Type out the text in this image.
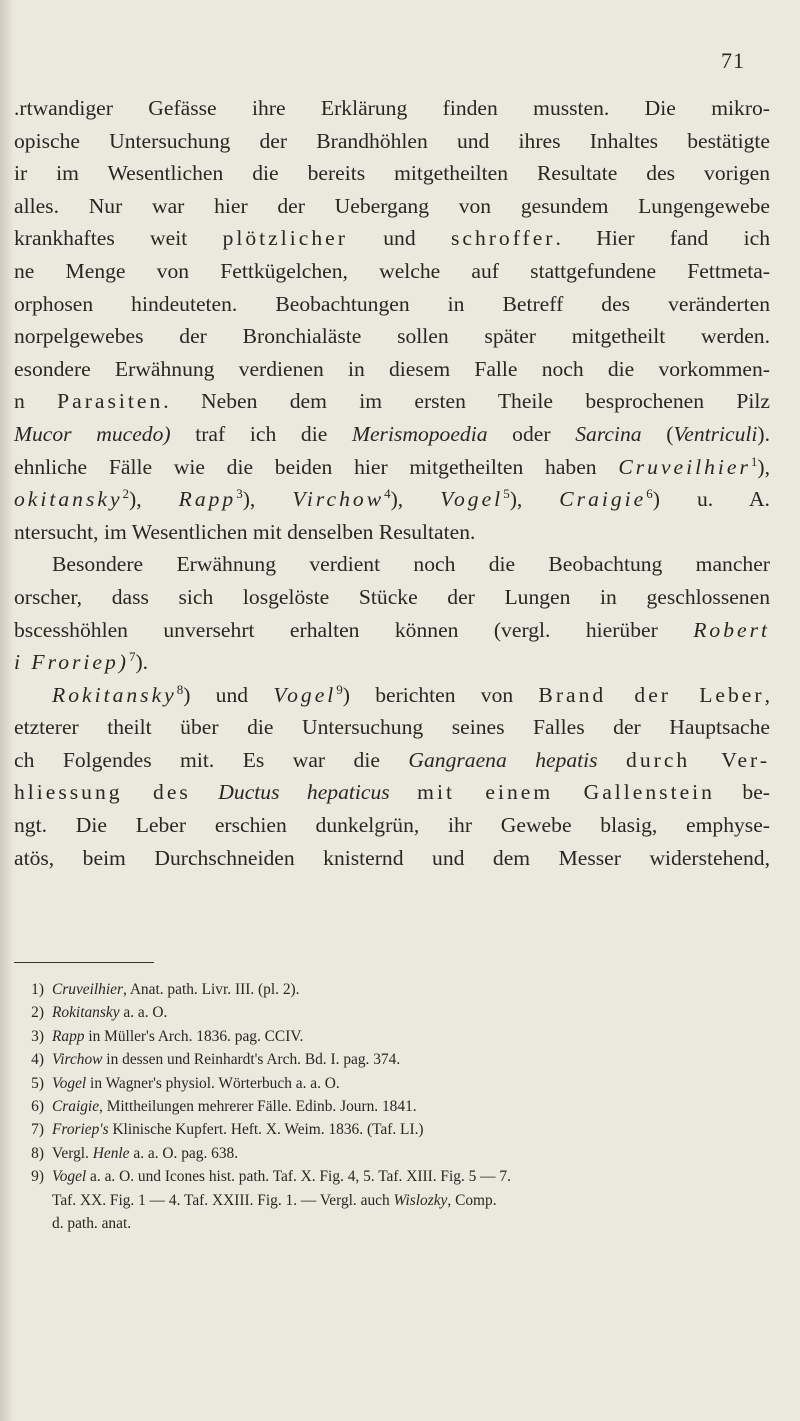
71
.rtwandiger Gefässe ihre Erklärung finden mussten. Die mikro-
opische Untersuchung der Brandhöhlen und ihres Inhaltes bestätigte
ir im Wesentlichen die bereits mitgetheilten Resultate des vorigen
alles. Nur war hier der Uebergang von gesundem Lungengewebe
krankhaftes weit plötzlicher und schroffer. Hier fand ich
ne Menge von Fettkügelchen, welche auf stattgefundene Fettmeta-
orphosen hindeuteten. Beobachtungen in Betreff des veränderten
norpelgewebes der Bronchialäste sollen später mitgetheilt werden.
esondere Erwähnung verdienen in diesem Falle noch die vorkommen-
n Parasiten. Neben dem im ersten Theile besprochenen Pilz
Mucor mucedo) traf ich die Merismopoedia oder Sarcina (Ventriculi).
ehnliche Fälle wie die beiden hier mitgetheilten haben Cruveilhier$^1$),
okitansky$^2$), Rapp$^3$), Virchow$^4$), Vogel$^5$), Craigie$^6$) u. A.
ntersucht, im Wesentlichen mit denselben Resultaten.
Besondere Erwähnung verdient noch die Beobachtung mancher
orscher, dass sich losgelöste Stücke der Lungen in geschlossenen
bscesshöhlen unversehrt erhalten können (vergl. hierüber Robert
i Froriep)$^7$).
Rokitansky$^8$) und Vogel$^9$) berichten von Brand der Leber,
etzterer theilt über die Untersuchung seines Falles der Hauptsache
ch Folgendes mit. Es war die Gangraena hepatis durch Ver-
hliessung des Ductus hepaticus mit einem Gallenstein be-
ngt. Die Leber erschien dunkelgrün, ihr Gewebe blasig, emphyse-
atös, beim Durchschneiden knisternd und dem Messer widerstehend,
1) Cruveilhier, Anat. path. Livr. III. (pl. 2).
2) Rokitansky a. a. O.
3) Rapp in Müller's Arch. 1836. pag. CCIV.
4) Virchow in dessen und Reinhardt's Arch. Bd. I. pag. 374.
5) Vogel in Wagner's physiol. Wörterbuch a. a. O.
6) Craigie, Mittheilungen mehrerer Fälle. Edinb. Journ. 1841.
7) Froriep's Klinische Kupfert. Heft. X. Weim. 1836. (Taf. LI.)
8) Vergl. Henle a. a. O. pag. 638.
9) Vogel a. a. O. und Icones hist. path. Taf. X. Fig. 4, 5. Taf. XIII. Fig. 5 — 7.
Taf. XX. Fig. 1 — 4. Taf. XXIII. Fig. 1. — Vergl. auch Wislozky, Comp.
d. path. anat.
